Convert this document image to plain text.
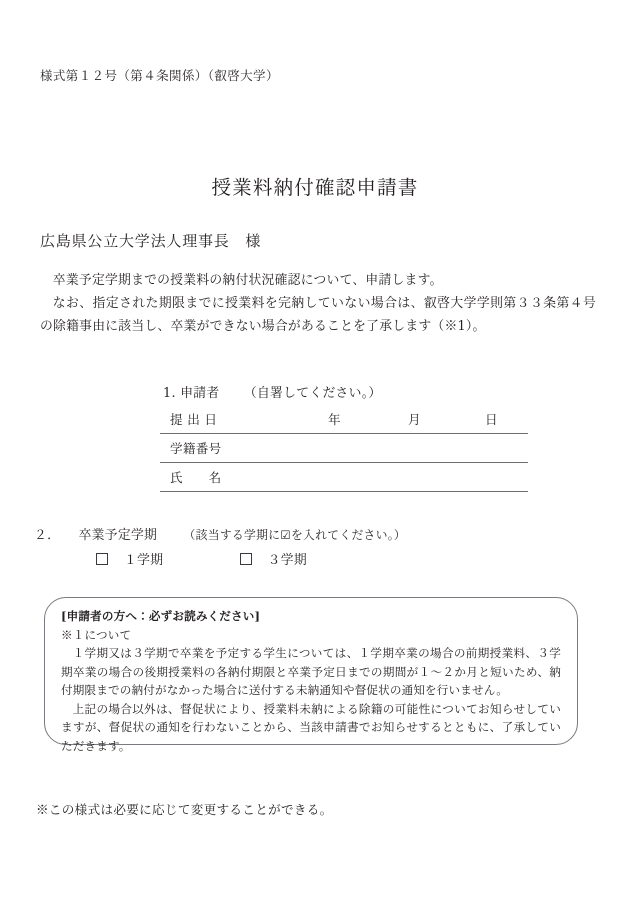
様式第１２号（第４条関係）（叡啓大学）
授業料納付確認申請書
広島県公立大学法人理事長　様

卒業予定学期までの授業料の納付状況確認について、申請します。

なお、指定された期限までに授業料を完納していない場合は、叡啓大学学則第３３条第４号の除籍事由に該当し、卒業ができない場合があることを了承します（※1）。

1. 申請者 （自署してください。）
提 出 日	年	月	日
学籍番号
氏　　名
２． 卒業予定学期 （該当する学期に☑を入れてください。）
１学期	３学期

[申請者の方へ：必ずお読みください]

※１について

１学期又は３学期で卒業を予定する学生については、１学期卒業の場合の前期授業料、３学期卒業の場合の後期授業料の各納付期限と卒業予定日までの期間が１～２か月と短いため、納付期限までの納付がなかった場合に送付する未納通知や督促状の通知を行いません。

上記の場合以外は、督促状により、授業料未納による除籍の可能性についてお知らせしていますが、督促状の通知を行わないことから、当該申請書でお知らせするとともに、了承していただきます。

※この様式は必要に応じて変更することができる。
